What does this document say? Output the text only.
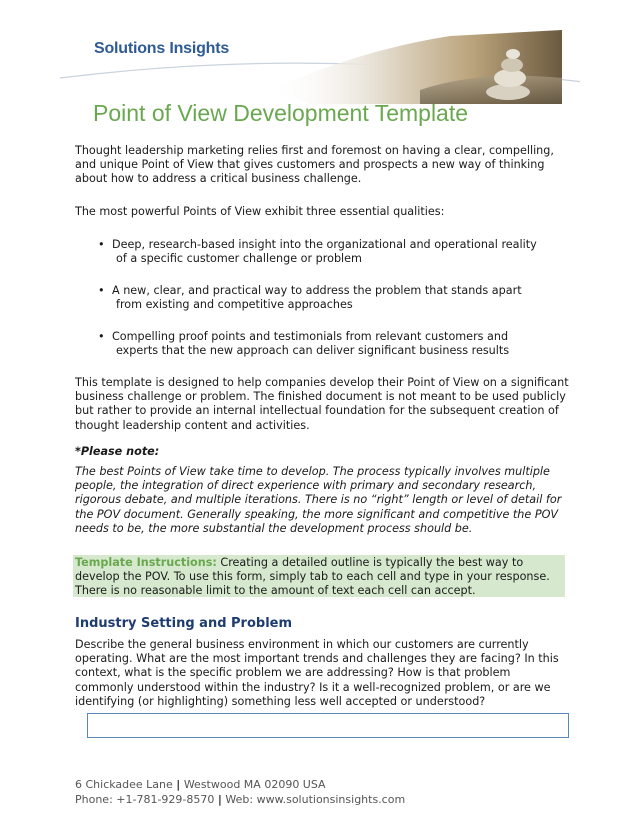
Solutions Insights
Point of View Development Template

Thought leadership marketing relies first and foremost on having a clear, compelling, and unique Point of View that gives customers and prospects a new way of thinking about how to address a critical business challenge.

The most powerful Points of View exhibit three essential qualities:

• Deep, research-based insight into the organizational and operational reality
of a specific customer challenge or problem
• A new, clear, and practical way to address the problem that stands apart
from existing and competitive approaches
• Compelling proof points and testimonials from relevant customers and
experts that the new approach can deliver significant business results

This template is designed to help companies develop their Point of View on a significant business challenge or problem. The finished document is not meant to be used publicly but rather to provide an internal intellectual foundation for the subsequent creation of thought leadership content and activities.

*Please note:

The best Points of View take time to develop. The process typically involves multiple people, the integration of direct experience with primary and secondary research, rigorous debate, and multiple iterations. There is no “right” length or level of detail for the POV document. Generally speaking, the more significant and competitive the POV needs to be, the more substantial the development process should be.

Template Instructions: Creating a detailed outline is typically the best way to develop the POV. To use this form, simply tab to each cell and type in your response. There is no reasonable limit to the amount of text each cell can accept.
Industry Setting and Problem

Describe the general business environment in which our customers are currently operating. What are the most important trends and challenges they are facing? In this context, what is the specific problem we are addressing? How is that problem commonly understood within the industry? Is it a well-recognized problem, or are we identifying (or highlighting) something less well accepted or understood?

6 Chickadee Lane | Westwood MA 02090 USA
Phone: +1-781-929-8570 | Web: www.solutionsinsights.com
